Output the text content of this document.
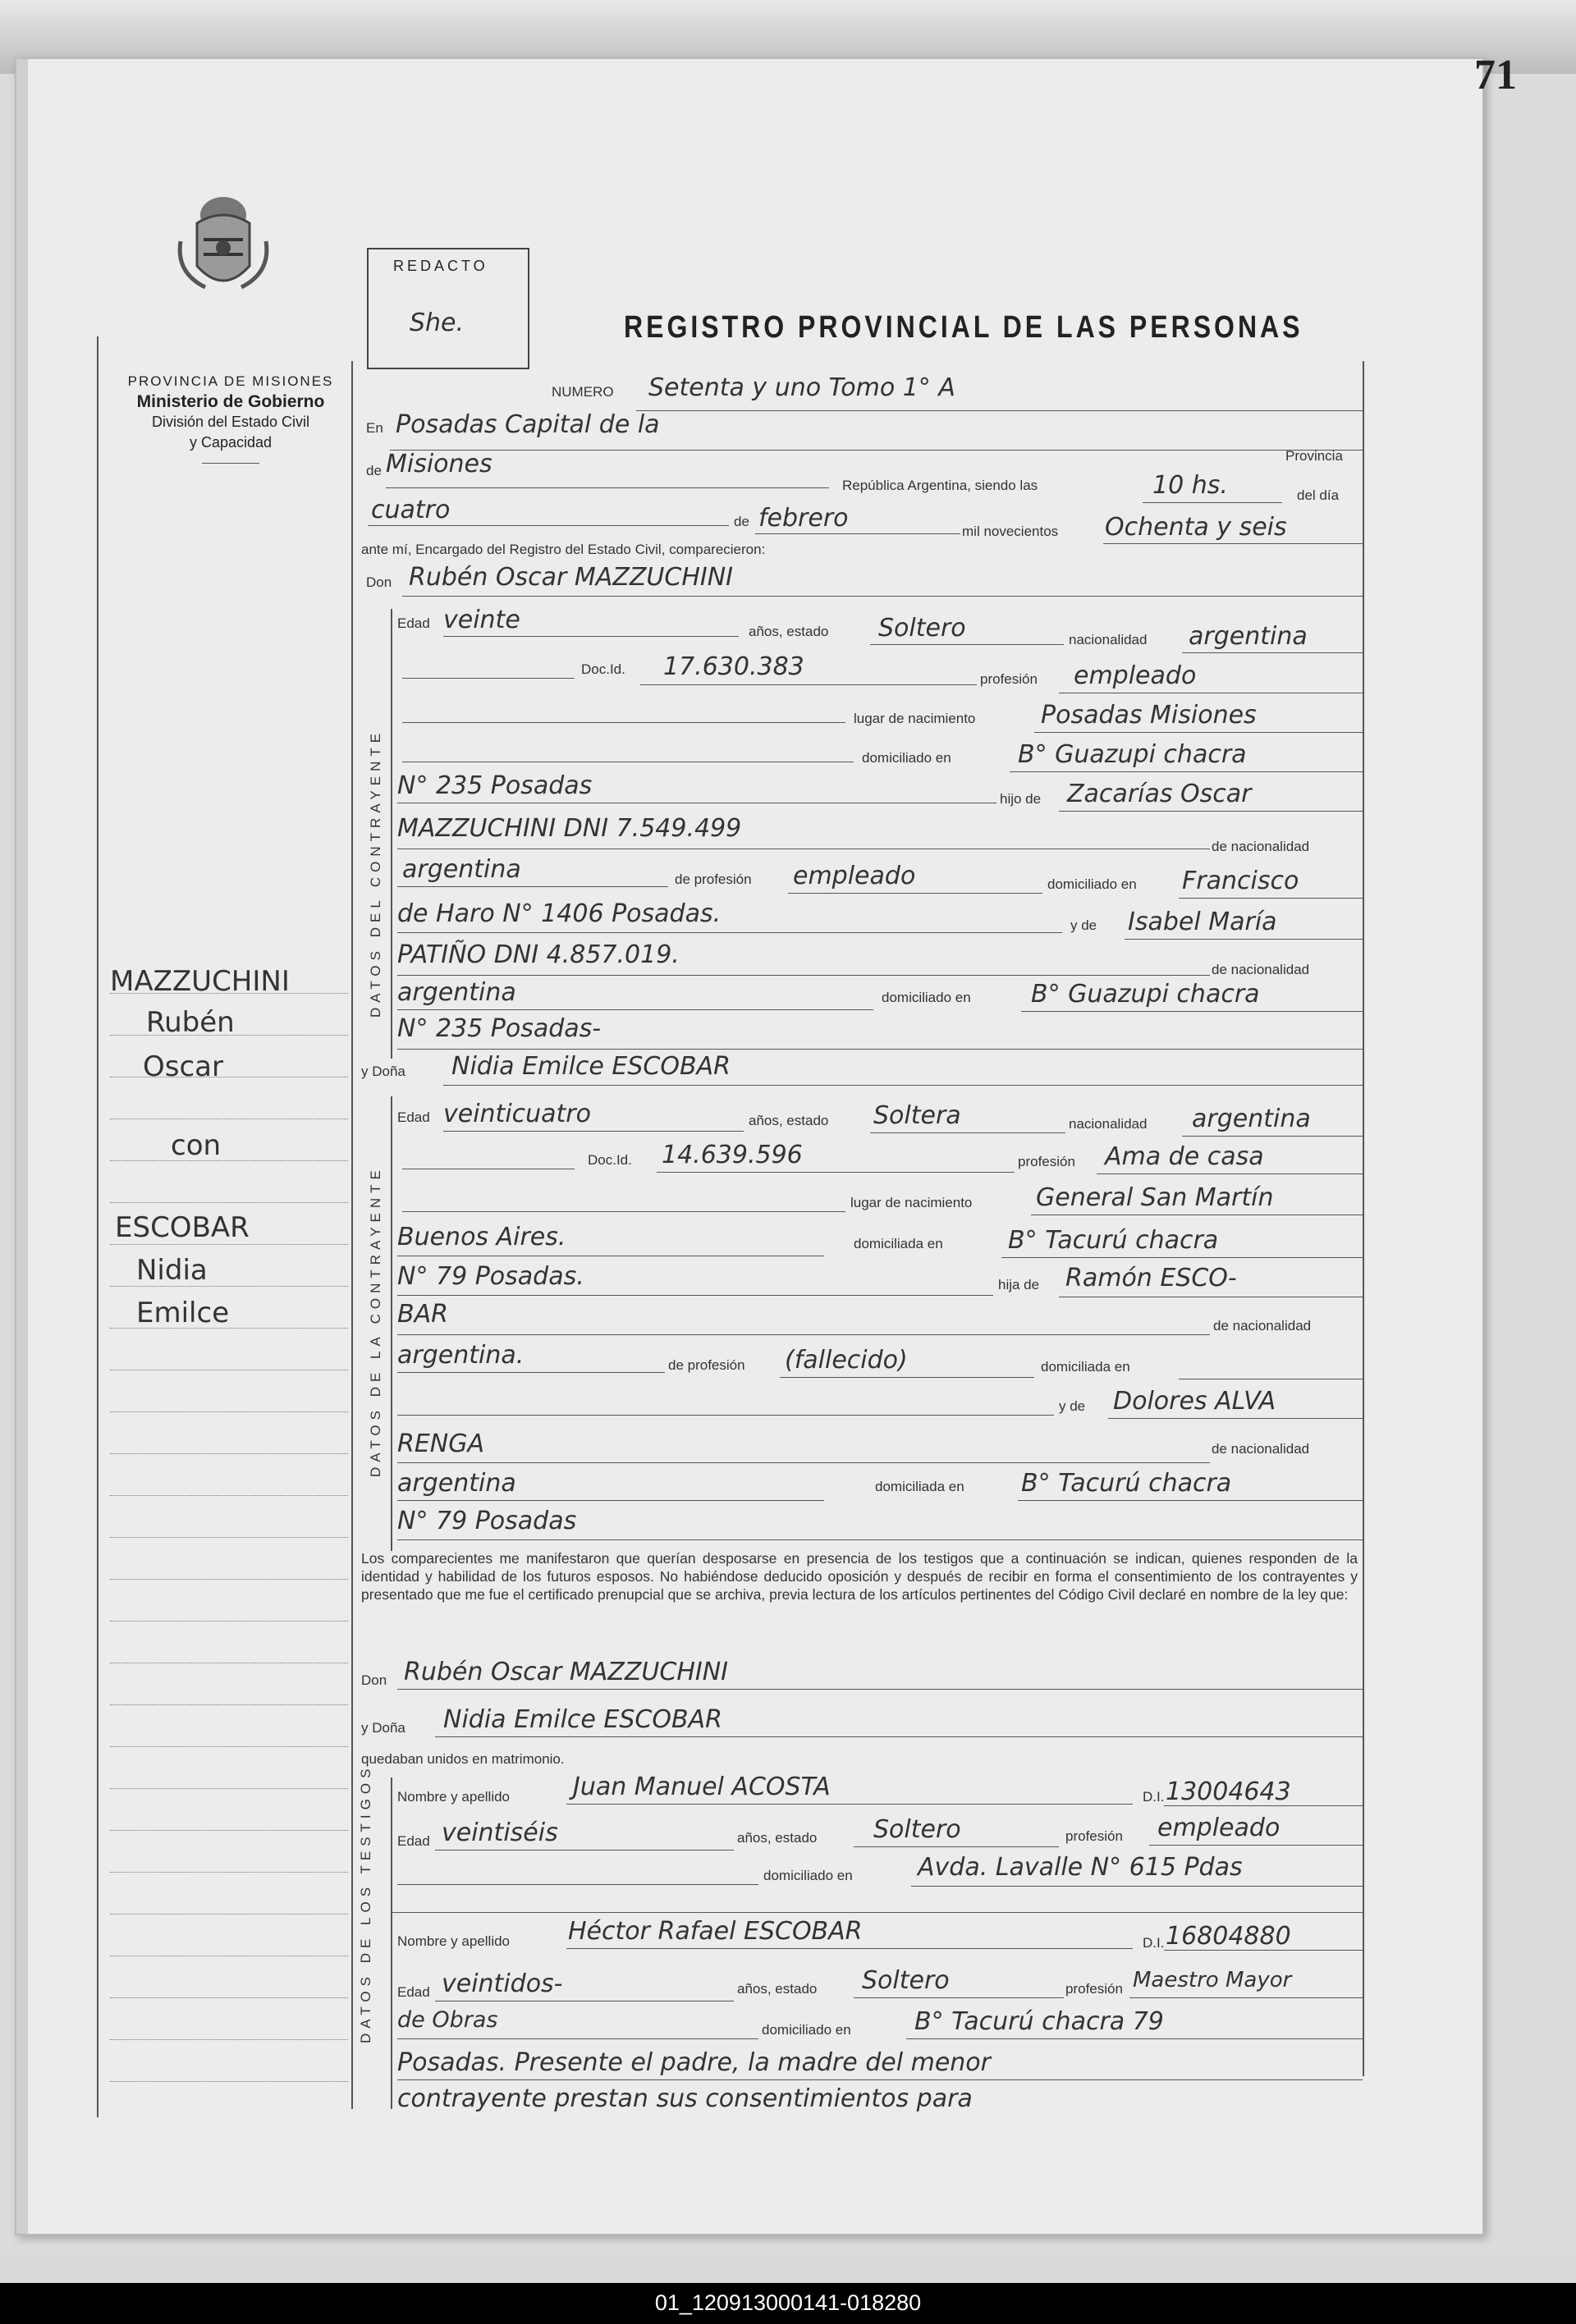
71
PROVINCIA DE MISIONES
Ministerio de Gobierno
División del Estado Civil
y Capacidad
REDACTO
She.	REGISTRO PROVINCIAL DE LAS PERSONAS
NUMERO Setenta y uno Tomo 1° A
En Posadas Capital de la
Provincia
de Misiones
República Argentina, siendo las	10 hs.	del día
cuatro	de febrero	mil novecientos Ochenta y seis
ante mí, Encargado del Registro del Estado Civil, comparecieron:
Don Rubén Oscar MAZZUCHINI
DATOS DEL CONTRAYENTE
Edad veinte	años, estado Soltero	nacionalidad argentina
Doc.Id. 17.630.383	profesión empleado
lugar de nacimiento	Posadas Misiones
domiciliado en	B° Guazupi chacra
N° 235 Posadas	hijo de Zacarías Oscar
MAZZUCHINI DNI 7.549.499
de nacionalidad
argentina	de profesión empleado	domiciliado en Francisco
de Haro N° 1406 Posadas.	y de Isabel María
PATIÑO DNI 4.857.019.
de nacionalidad
argentina	domiciliado en B° Guazupi chacra
N° 235 Posadas-
y Doña Nidia Emilce ESCOBAR
DATOS DE LA CONTRAYENTE
Edad veinticuatro	años, estado Soltera	nacionalidad argentina
Doc.Id. 14.639.596	profesión Ama de casa
lugar de nacimiento	General San Martín
Buenos Aires.	domiciliada en	B° Tacurú chacra
N° 79 Posadas.	hija de Ramón ESCO-
BAR	de nacionalidad
argentina.	de profesión (fallecido)	domiciliada en
y de Dolores ALVA
RENGA	de nacionalidad
argentina	domiciliada en B° Tacurú chacra
N° 79 Posadas
Los comparecientes me manifestaron que querían desposarse en presencia de los testigos que a continuación se indican, quienes responden de la identidad y habilidad de los futuros esposos. No habiéndose deducido oposición y después de recibir en forma el consentimiento de los contrayentes y presentado que me fue el certificado prenupcial que se archiva, previa lectura de los artículos pertinentes del Código Civil declaré en nombre de la ley que:
Don Rubén Oscar MAZZUCHINI
y Doña Nidia Emilce ESCOBAR
quedaban unidos en matrimonio.
DATOS DE LOS TESTIGOS Nombre y apellido	Juan Manuel ACOSTA	D.I. 13004643
Edad veintiséis	años, estado Soltero	profesión empleado
domiciliado en	Avda. Lavalle N° 615 Pdas
Nombre y apellido Héctor Rafael ESCOBAR	D.I. 16804880
Edad veintidos-	años, estado Soltero	profesión Maestro Mayor
de Obras	domiciliado en	B° Tacurú chacra 79
Posadas. Presente el padre, la madre del menor
contrayente prestan sus consentimientos para
MAZZUCHINI
Rubén
Oscar
con
ESCOBAR
Nidia
Emilce
01_120913000141-018280
